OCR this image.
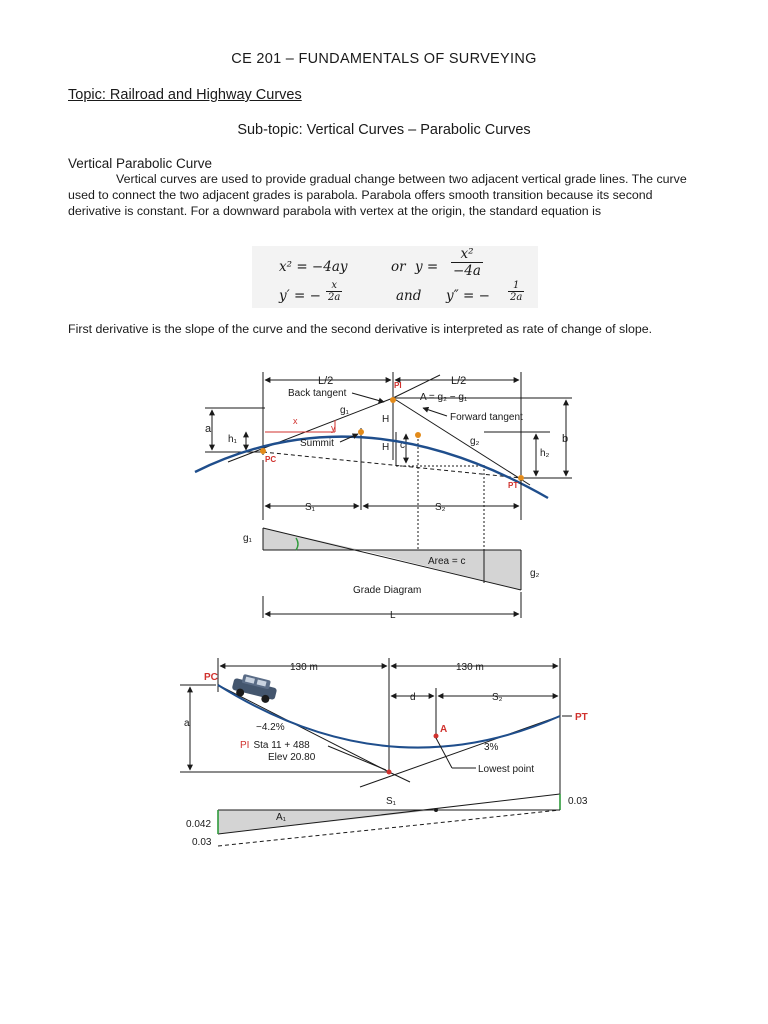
CE 201 – FUNDAMENTALS OF SURVEYING
Topic: Railroad and Highway Curves
Sub-topic: Vertical Curves – Parabolic Curves
Vertical Parabolic Curve
Vertical curves are used to provide gradual change between two adjacent vertical grade lines. The curve used to connect the two adjacent grades is parabola. Parabola offers smooth transition because its second derivative is constant. For a downward parabola with vertex at the origin, the standard equation is
x² = −4ay	or $y = \frac{\text{x²}}{-4a}$
y′ = − $\frac{x}{2a}$	and y″ = − $\frac{1}{2a}$
First derivative is the slope of the curve and the second derivative is interpreted as rate of change of slope.
L/2	L/2
a
h₁
x
y
H
H c
b
h₂
Back tangent
PI
A = g₂ − g₁
Forward tangent
g₁
g₂
Summit
PC
PT
S₁	S₂
g₁
g₂
Area = c
Grade Diagram
L
130 m	130 m
d	S₂
a
PC
PT
−4.2%	A
3%
PI Sta 11 + 488
Elev 20.80
Lowest point
S₁
A₁
0.03
0.042
0.03
